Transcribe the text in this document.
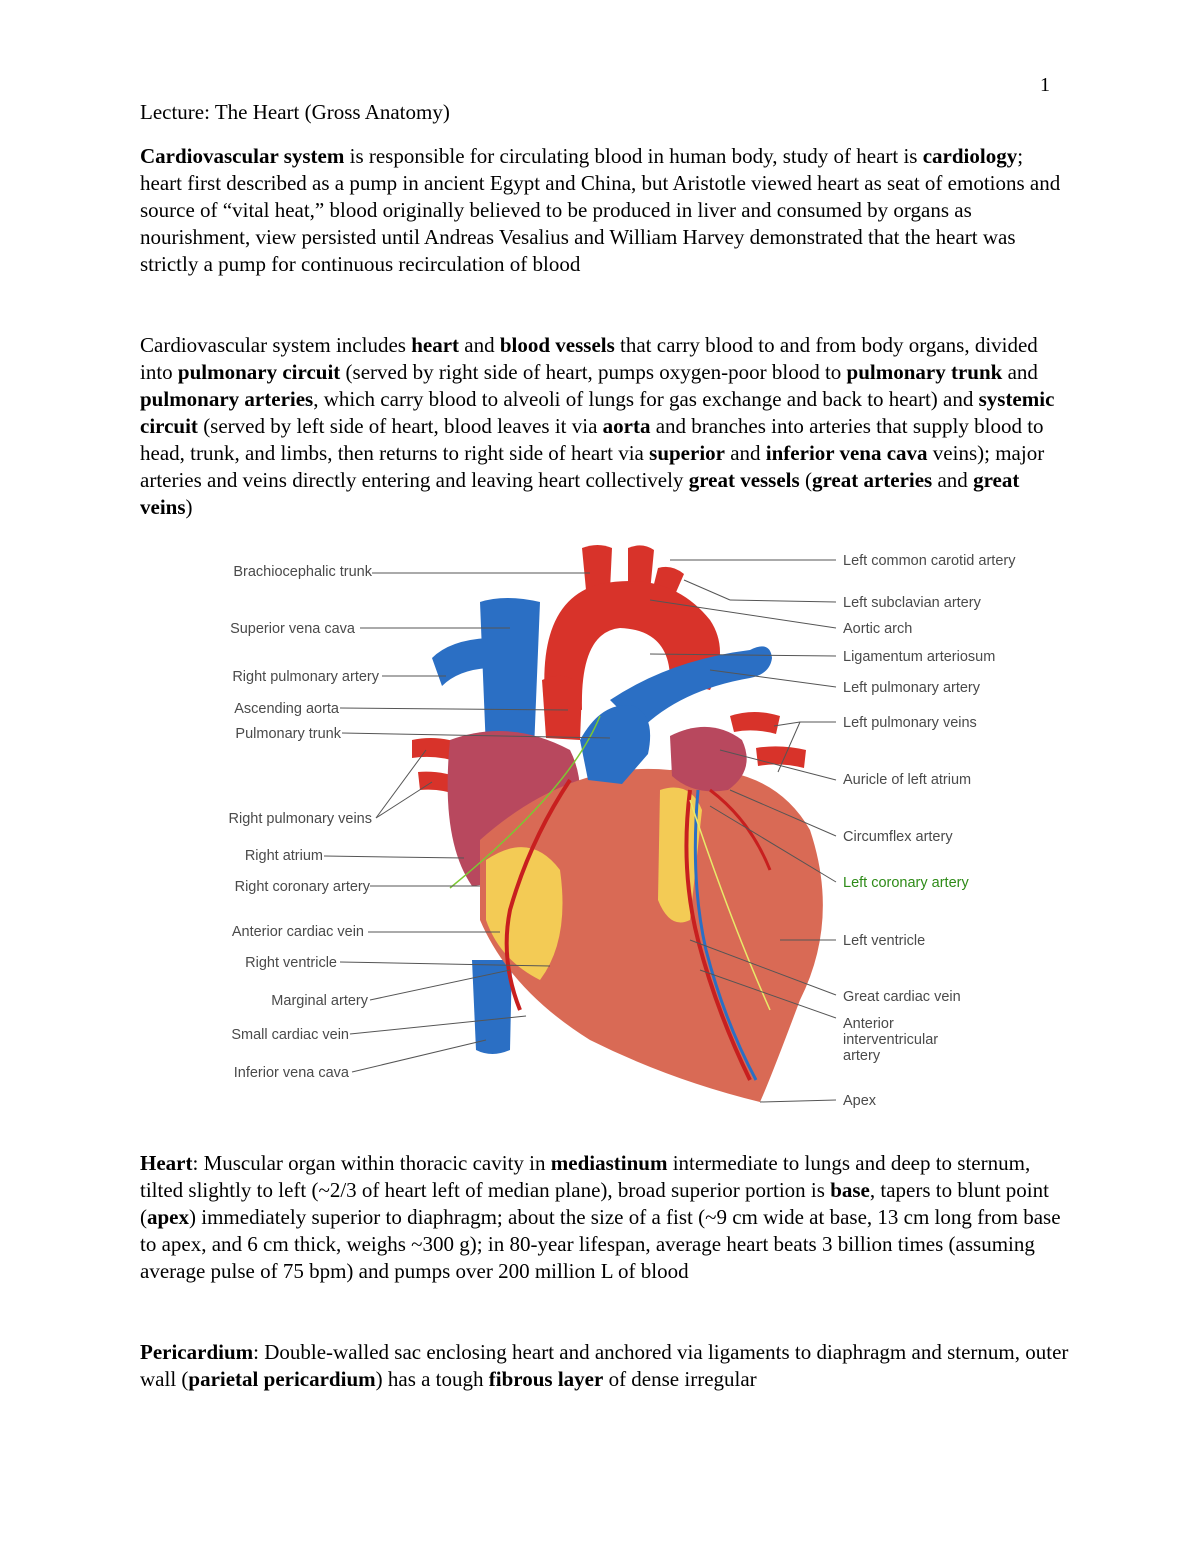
1
Lecture: The Heart (Gross Anatomy)

Cardiovascular system is responsible for circulating blood in human body, study of heart is cardiology; heart first described as a pump in ancient Egypt and China, but Aristotle viewed heart as seat of emotions and source of “vital heat,” blood originally believed to be produced in liver and consumed by organs as nourishment, view persisted until Andreas Vesalius and William Harvey demonstrated that the heart was strictly a pump for continuous recirculation of blood

Cardiovascular system includes heart and blood vessels that carry blood to and from body organs, divided into pulmonary circuit (served by right side of heart, pumps oxygen-poor blood to pulmonary trunk and pulmonary arteries, which carry blood to alveoli of lungs for gas exchange and back to heart) and systemic circuit (served by left side of heart, blood leaves it via aorta and branches into arteries that supply blood to head, trunk, and limbs, then returns to right side of heart via superior and inferior vena cava veins); major arteries and veins directly entering and leaving heart collectively great vessels (great arteries and great veins)

Brachiocephalic trunk
Superior vena cava
Right pulmonary artery
Ascending aorta
Pulmonary trunk
Right pulmonary veins
Right atrium
Right coronary artery
Anterior cardiac vein
Right ventricle
Marginal artery
Small cardiac vein
Inferior vena cava
Left common carotid artery
Left subclavian artery
Aortic arch
Ligamentum arteriosum
Left pulmonary artery
Left pulmonary veins
Auricle of left atrium
Circumflex artery
Left coronary artery
Left ventricle
Great cardiac vein
Anterior
interventricular
artery
Apex

Heart: Muscular organ within thoracic cavity in mediastinum intermediate to lungs and deep to sternum, tilted slightly to left (~2/3 of heart left of median plane), broad superior portion is base, tapers to blunt point (apex) immediately superior to diaphragm; about the size of a fist (~9 cm wide at base, 13 cm long from base to apex, and 6 cm thick, weighs ~300 g); in 80-year lifespan, average heart beats 3 billion times (assuming average pulse of 75 bpm) and pumps over 200 million L of blood

Pericardium: Double-walled sac enclosing heart and anchored via ligaments to diaphragm and sternum, outer wall (parietal pericardium) has a tough fibrous layer of dense irregular
